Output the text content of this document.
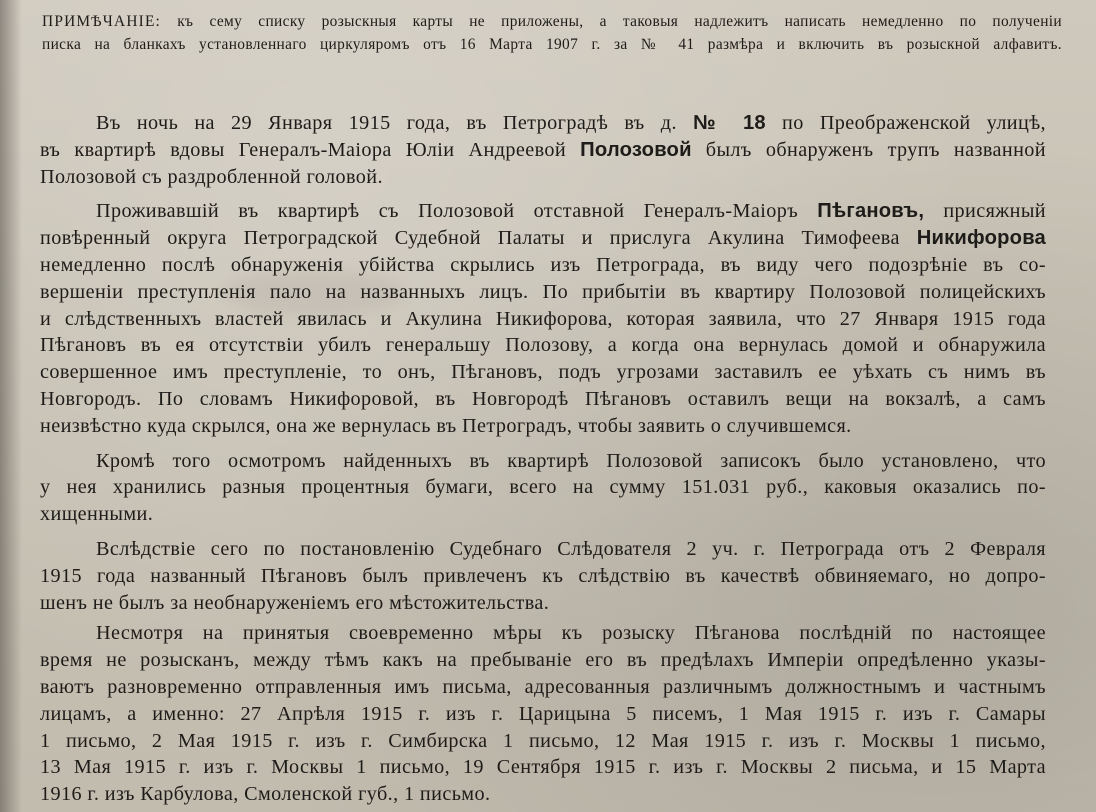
ПРИМѢЧАНІЕ: къ сему списку розыскныя карты не приложены, а таковыя надлежитъ написать немедленно по полученіи
писка на бланкахъ установленнаго циркуляромъ отъ 16 Марта 1907 г. за № 41 размѣра и включить въ розыскной алфавитъ.
Въ ночь на 29 Января 1915 года, въ Петроградѣ въ д. № 18 по Преображенской улицѣ,
въ квартирѣ вдовы Генералъ-Маіора Юліи Андреевой Полозовой былъ обнаруженъ трупъ названной
Полозовой съ раздробленной головой.
Проживавшій въ квартирѣ съ Полозовой отставной Генералъ-Маіоръ Пѣгановъ, присяжный
повѣренный округа Петроградской Судебной Палаты и прислуга Акулина Тимофеева Никифорова
немедленно послѣ обнаруженія убійства скрылись изъ Петрограда, въ виду чего подозрѣніе въ со-
вершеніи преступленія пало на названныхъ лицъ. По прибытіи въ квартиру Полозовой полицейскихъ
и слѣдственныхъ властей явилась и Акулина Никифорова, которая заявила, что 27 Января 1915 года
Пѣгановъ въ ея отсутствіи убилъ генеральшу Полозову, а когда она вернулась домой и обнаружила
совершенное имъ преступленіе, то онъ, Пѣгановъ, подъ угрозами заставилъ ее уѣхать съ нимъ въ
Новгородъ. По словамъ Никифоровой, въ Новгородѣ Пѣгановъ оставилъ вещи на вокзалѣ, а самъ
неизвѣстно куда скрылся, она же вернулась въ Петроградъ, чтобы заявить о случившемся.
Кромѣ того осмотромъ найденныхъ въ квартирѣ Полозовой записокъ было установлено, что
у нея хранились разныя процентныя бумаги, всего на сумму 151.031 руб., каковыя оказались по-
хищенными.
Вслѣдствіе сего по постановленію Судебнаго Слѣдователя 2 уч. г. Петрограда отъ 2 Февраля
1915 года названный Пѣгановъ былъ привлеченъ къ слѣдствію въ качествѣ обвиняемаго, но допро-
шенъ не былъ за необнаруженіемъ его мѣстожительства.
Несмотря на принятыя своевременно мѣры къ розыску Пѣганова послѣдній по настоящее
время не розысканъ, между тѣмъ какъ на пребываніе его въ предѣлахъ Имперіи опредѣленно указы-
ваютъ разновременно отправленныя имъ письма, адресованныя различнымъ должностнымъ и частнымъ
лицамъ, а именно: 27 Апрѣля 1915 г. изъ г. Царицына 5 писемъ, 1 Мая 1915 г. изъ г. Самары
1 письмо, 2 Мая 1915 г. изъ г. Симбирска 1 письмо, 12 Мая 1915 г. изъ г. Москвы 1 письмо,
13 Мая 1915 г. изъ г. Москвы 1 письмо, 19 Сентября 1915 г. изъ г. Москвы 2 письма, и 15 Марта
1916 г. изъ Карбулова, Смоленской губ., 1 письмо.
